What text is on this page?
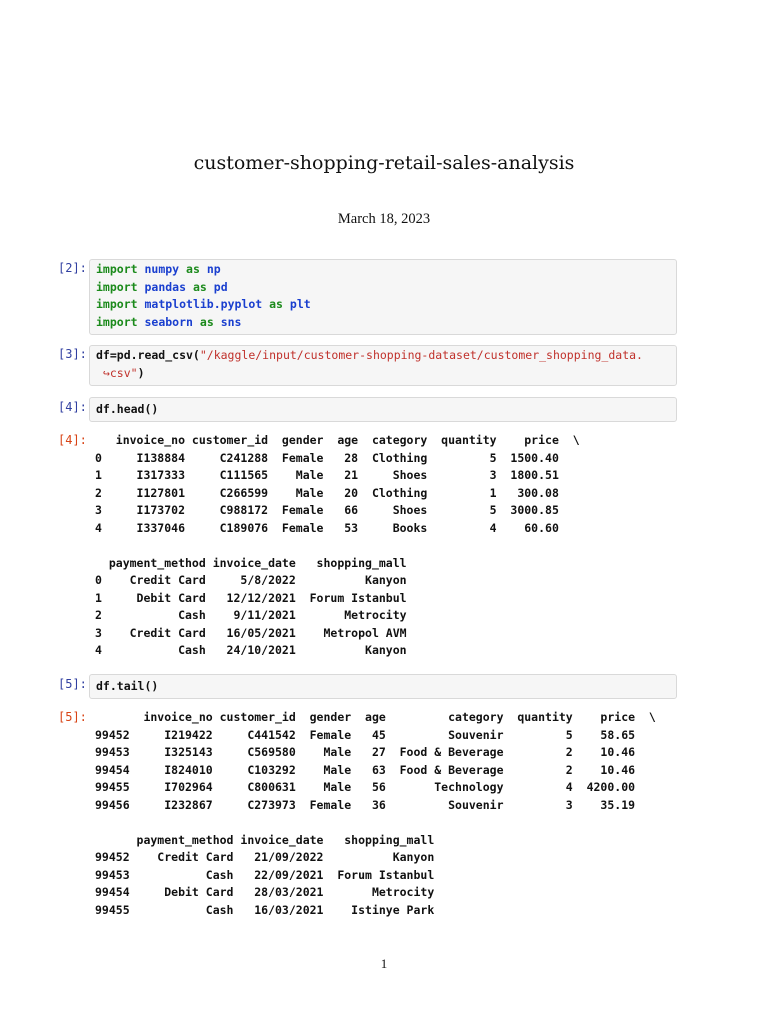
customer-shopping-retail-sales-analysis
March 18, 2023
[2]: import numpy as np
import pandas as pd
import matplotlib.pyplot as plt
import seaborn as sns
[3]: df=pd.read_csv("/kaggle/input/customer-shopping-dataset/customer_shopping_data.
↪csv")
[4]: df.head()
[4]:	invoice_no customer_id  gender  age  category  quantity    price  \
0     I138884     C241288  Female   28  Clothing         5  1500.40
1     I317333     C111565    Male   21     Shoes         3  1800.51
2     I127801     C266599    Male   20  Clothing         1   300.08
3     I173702     C988172  Female   66     Shoes         5  3000.85
4     I337046     C189076  Female   53     Books         4    60.60

payment_method invoice_date   shopping_mall
0    Credit Card     5/8/2022          Kanyon
1     Debit Card   12/12/2021  Forum Istanbul
2           Cash    9/11/2021       Metrocity
3    Credit Card   16/05/2021    Metropol AVM
4           Cash   24/10/2021          Kanyon
[5]: df.tail()
[5]:	invoice_no customer_id  gender  age         category  quantity    price  \
99452     I219422     C441542  Female   45         Souvenir         5    58.65
99453     I325143     C569580    Male   27  Food & Beverage         2    10.46
99454     I824010     C103292    Male   63  Food & Beverage         2    10.46
99455     I702964     C800631    Male   56       Technology         4  4200.00
99456     I232867     C273973  Female   36         Souvenir         3    35.19

payment_method invoice_date   shopping_mall
99452    Credit Card   21/09/2022          Kanyon
99453           Cash   22/09/2021  Forum Istanbul
99454     Debit Card   28/03/2021       Metrocity
99455           Cash   16/03/2021    Istinye Park
1
